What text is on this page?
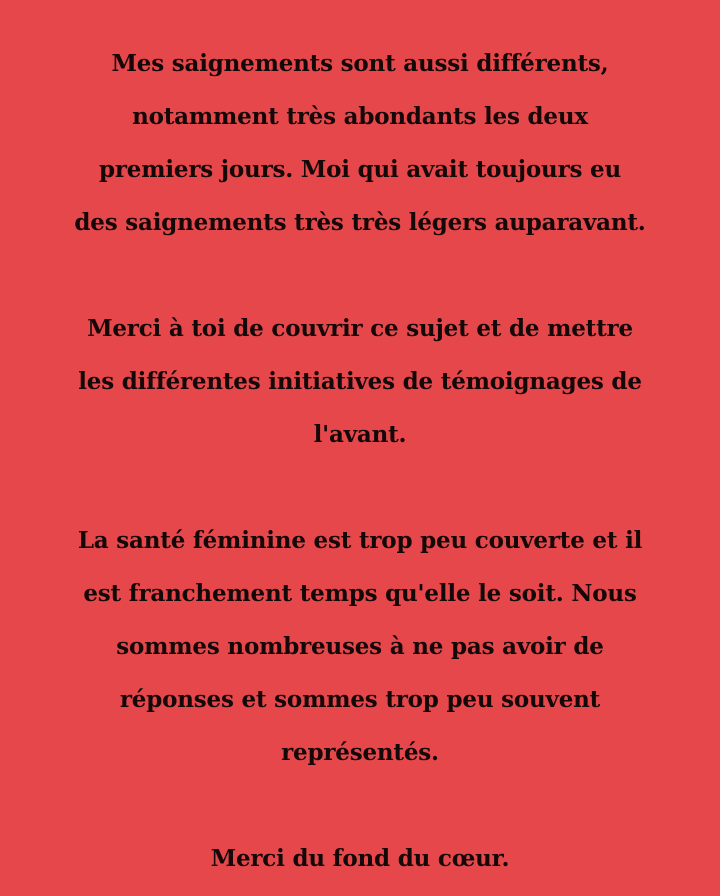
Mes saignements sont aussi différents,
notamment très abondants les deux
premiers jours. Moi qui avait toujours eu
des saignements très très légers auparavant.

Merci à toi de couvrir ce sujet et de mettre
les différentes initiatives de témoignages de
l'avant.

La santé féminine est trop peu couverte et il
est franchement temps qu'elle le soit. Nous
sommes nombreuses à ne pas avoir de
réponses et sommes trop peu souvent
représentés.

Merci du fond du cœur.
